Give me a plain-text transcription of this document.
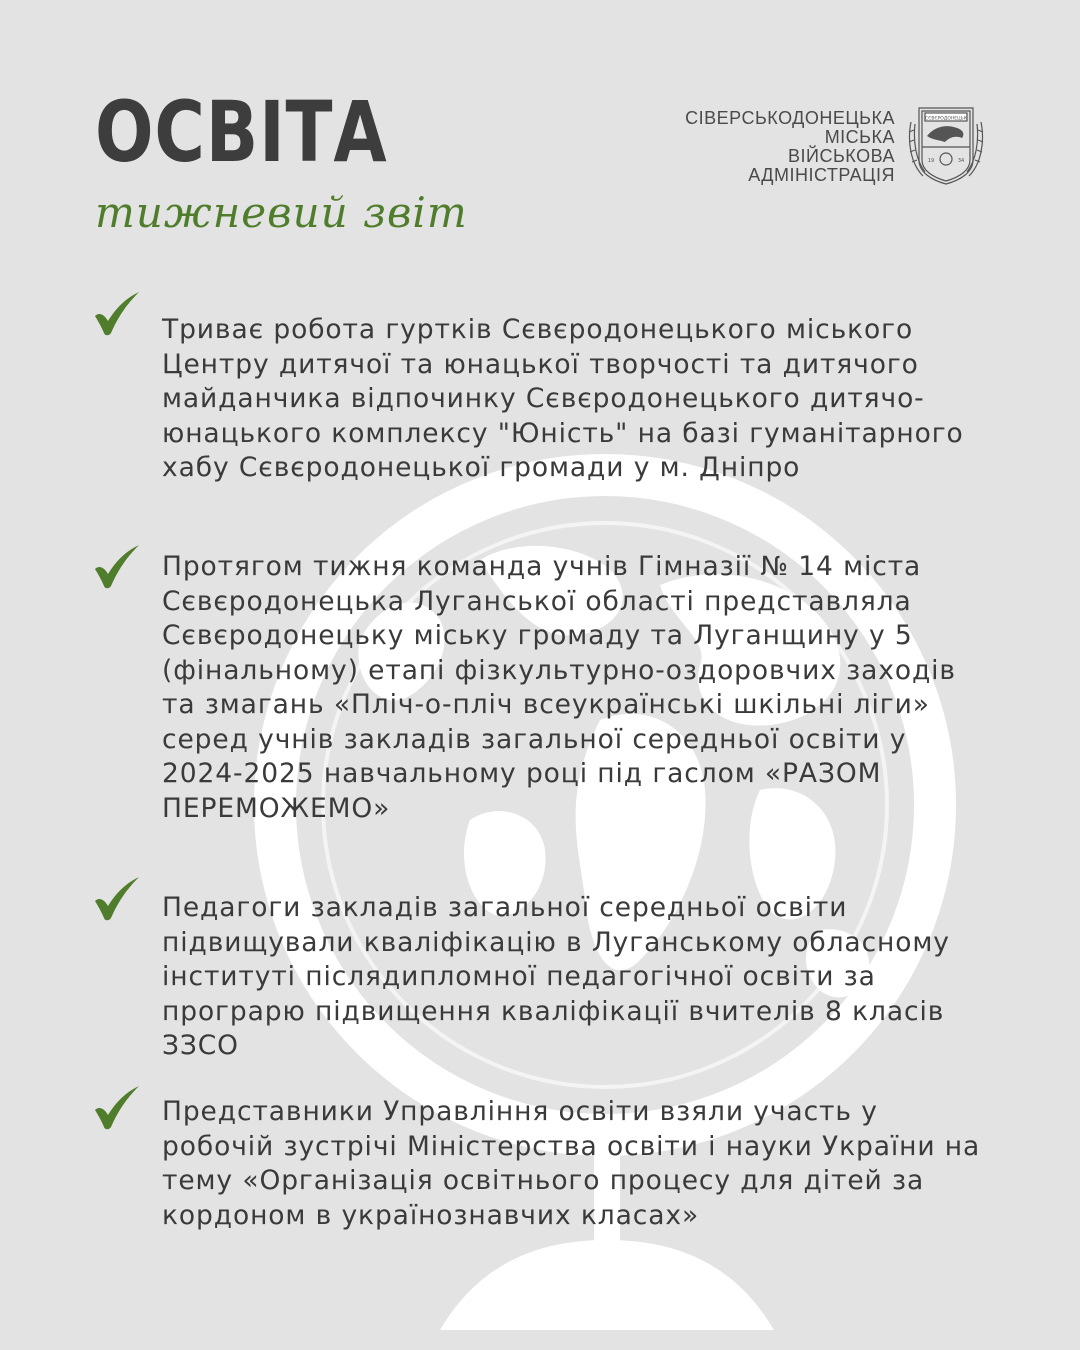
ОСВІТА
тижневий звіт
СІВЕРСЬКОДОНЕЦЬКА
МІСЬКА
ВІЙСЬКОВА
АДМІНІСТРАЦІЯ
СЄВЄРОДОНЕЦЬК
19	34

Триває робота гуртків Сєвєродонецького міського Центру дитячої та юнацької творчості та дитячого майданчика відпочинку Сєвєродонецького дитячо-юнацького комплексу "Юність" на базі гуманітарного хабу Сєвєродонецької громади у м. Дніпро

Протягом тижня команда учнів Гімназії № 14 міста Сєвєродонецька Луганської області представляла Сєвєродонецьку міську громаду та Луганщину у 5 (фінальному) етапі фізкультурно-оздоровчих заходів та змагань «Пліч-о-пліч всеукраїнські шкільні ліги» серед учнів закладів загальної середньої освіти у 2024-2025 навчальному році під гаслом «РАЗОМ ПЕРЕМОЖЕМО»

Педагоги закладів загальної середньої освіти підвищували кваліфікацію в Луганському обласному інституті післядипломної педагогічної освіти за програрю підвищення кваліфікації вчителів 8 класів ЗЗСО

Представники Управління освіти взяли участь у робочій зустрічі Міністерства освіти і науки України на тему «Організація освітнього процесу для дітей за кордоном в українознавчих класах»
